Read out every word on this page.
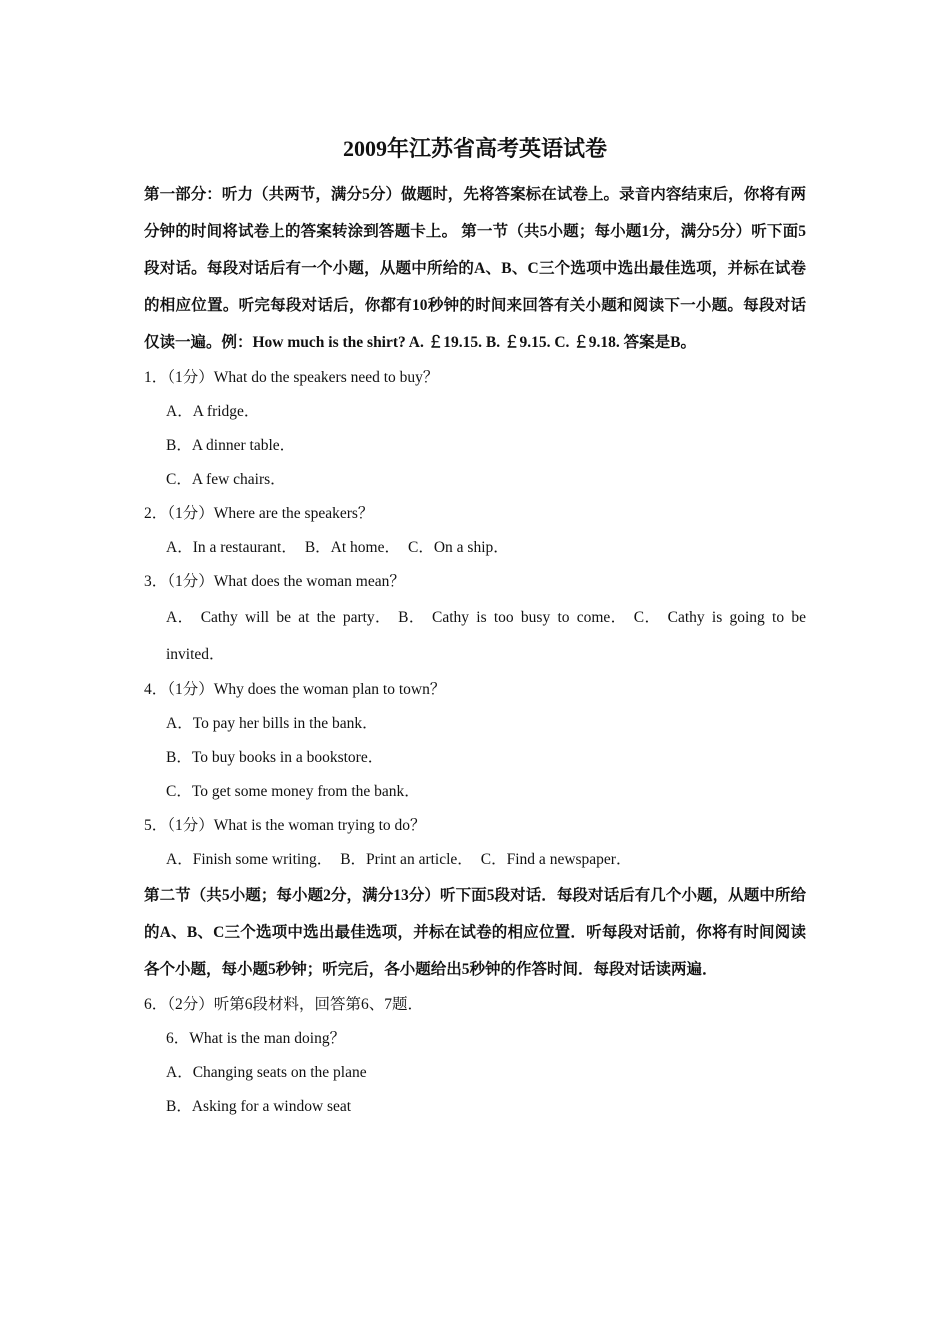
2009年江苏省高考英语试卷

第一部分：听力（共两节，满分5分）做题时，先将答案标在试卷上。录音内容结束后，你将有两分钟的时间将试卷上的答案转涂到答题卡上。 第一节（共5小题；每小题1分，满分5分）听下面5段对话。每段对话后有一个小题，从题中所给的A、B、C三个选项中选出最佳选项，并标在试卷的相应位置。听完每段对话后，你都有10秒钟的时间来回答有关小题和阅读下一小题。每段对话仅读一遍。例：How much is the shirt? A. ￡19.15. B. ￡9.15. C. ￡9.18. 答案是B。

1．（1分）What do the speakers need to buy？

A．A fridge．

B．A dinner table．

C．A few chairs．

2．（1分）Where are the speakers？

A．In a restaurant． B．At home． C．On a ship．

3．（1分）What does the woman mean？

A． Cathy will be at the party． B． Cathy is too busy to come． C． Cathy is going to be invited．

4．（1分）Why does the woman plan to town？

A．To pay her bills in the bank．

B．To buy books in a bookstore．

C．To get some money from the bank．

5．（1分）What is the woman trying to do？

A．Finish some writing． B．Print an article． C．Find a newspaper．

第二节（共5小题；每小题2分，满分13分）听下面5段对话．每段对话后有几个小题，从题中所给的A、B、C三个选项中选出最佳选项，并标在试卷的相应位置．听每段对话前，你将有时间阅读各个小题，每小题5秒钟；听完后，各小题给出5秒钟的作答时间．每段对话读两遍．

6．（2分）听第6段材料，回答第6、7题．

6．What is the man doing？

A．Changing seats on the plane

B．Asking for a window seat
